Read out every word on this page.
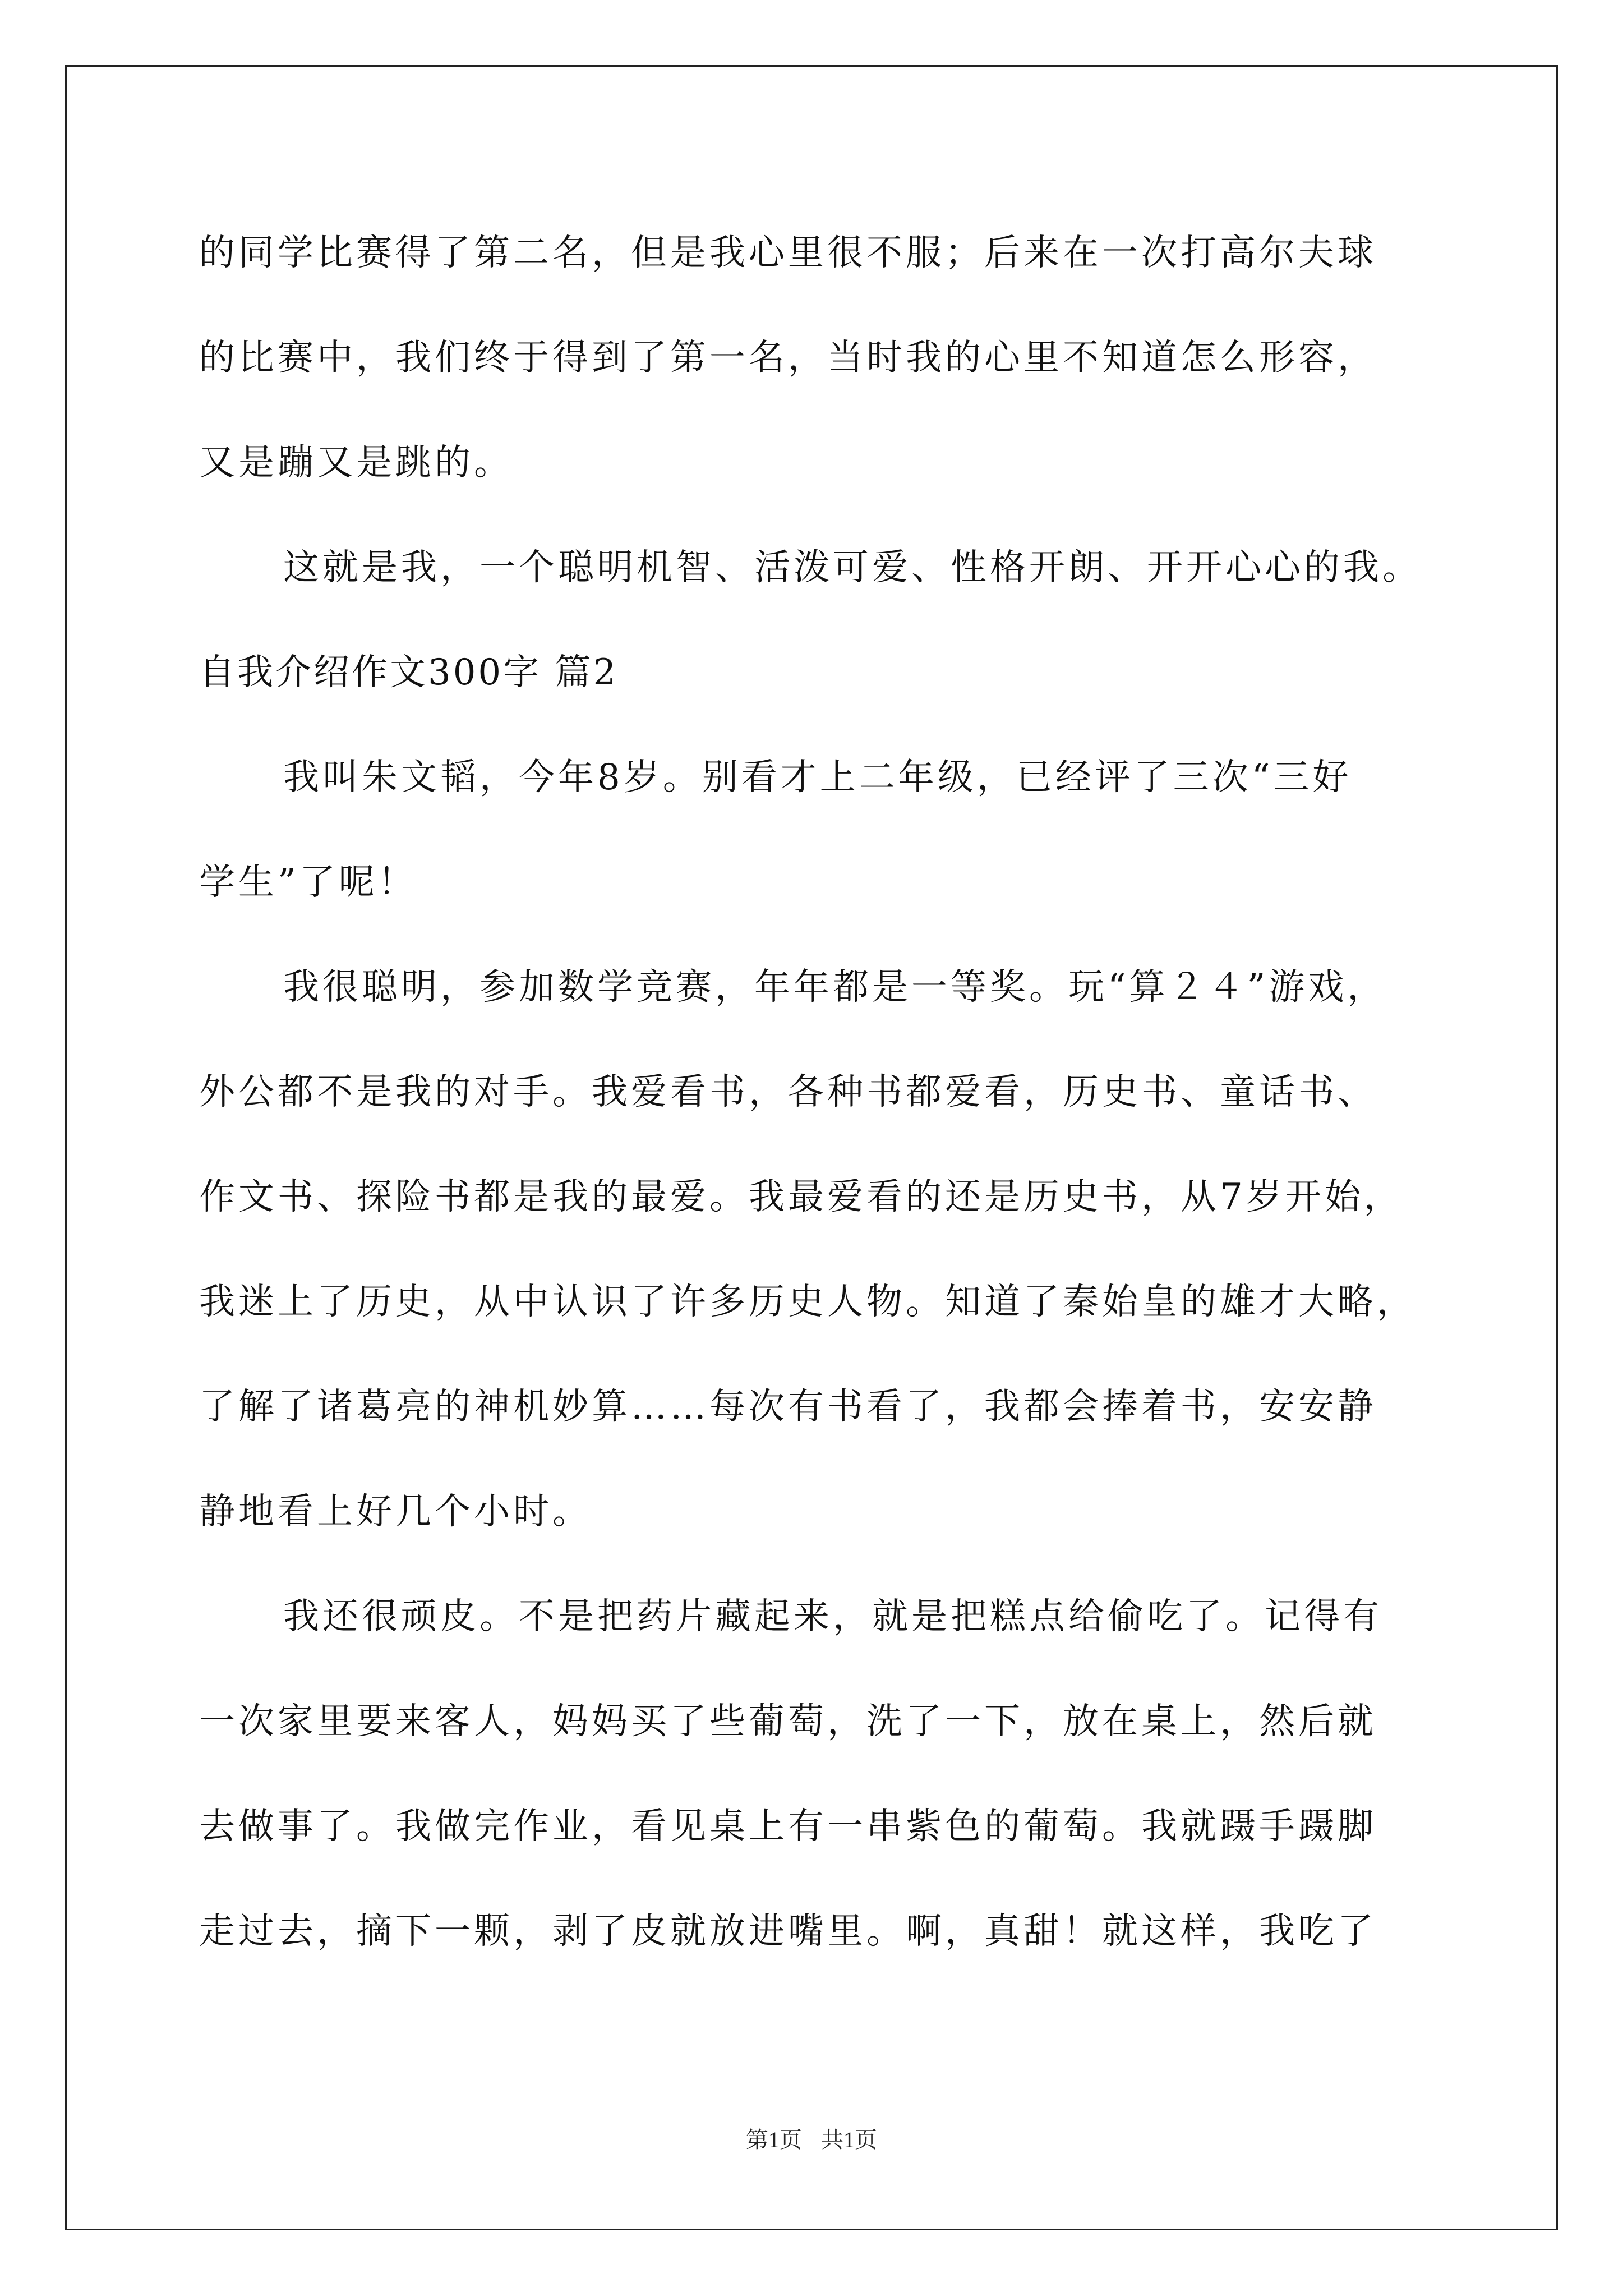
的同学比赛得了第二名，但是我心里很不服；后来在一次打高尔夫球
的比赛中，我们终于得到了第一名，当时我的心里不知道怎么形容，
又是蹦又是跳的。
这就是我，一个聪明机智、活泼可爱、性格开朗、开开心心的我。
自我介绍作文300字 篇2
我叫朱文韬，今年8岁。别看才上二年级，已经评了三次“三好
学生”了呢！
我很聪明，参加数学竞赛，年年都是一等奖。玩“算２４”游戏，
外公都不是我的对手。我爱看书，各种书都爱看，历史书、童话书、
作文书、探险书都是我的最爱。我最爱看的还是历史书，从7岁开始，
我迷上了历史，从中认识了许多历史人物。知道了秦始皇的雄才大略，
了解了诸葛亮的神机妙算……每次有书看了，我都会捧着书，安安静
静地看上好几个小时。
我还很顽皮。不是把药片藏起来，就是把糕点给偷吃了。记得有
一次家里要来客人，妈妈买了些葡萄，洗了一下，放在桌上，然后就
去做事了。我做完作业，看见桌上有一串紫色的葡萄。我就蹑手蹑脚
走过去，摘下一颗，剥了皮就放进嘴里。啊，真甜！就这样，我吃了
第1页 共1页
